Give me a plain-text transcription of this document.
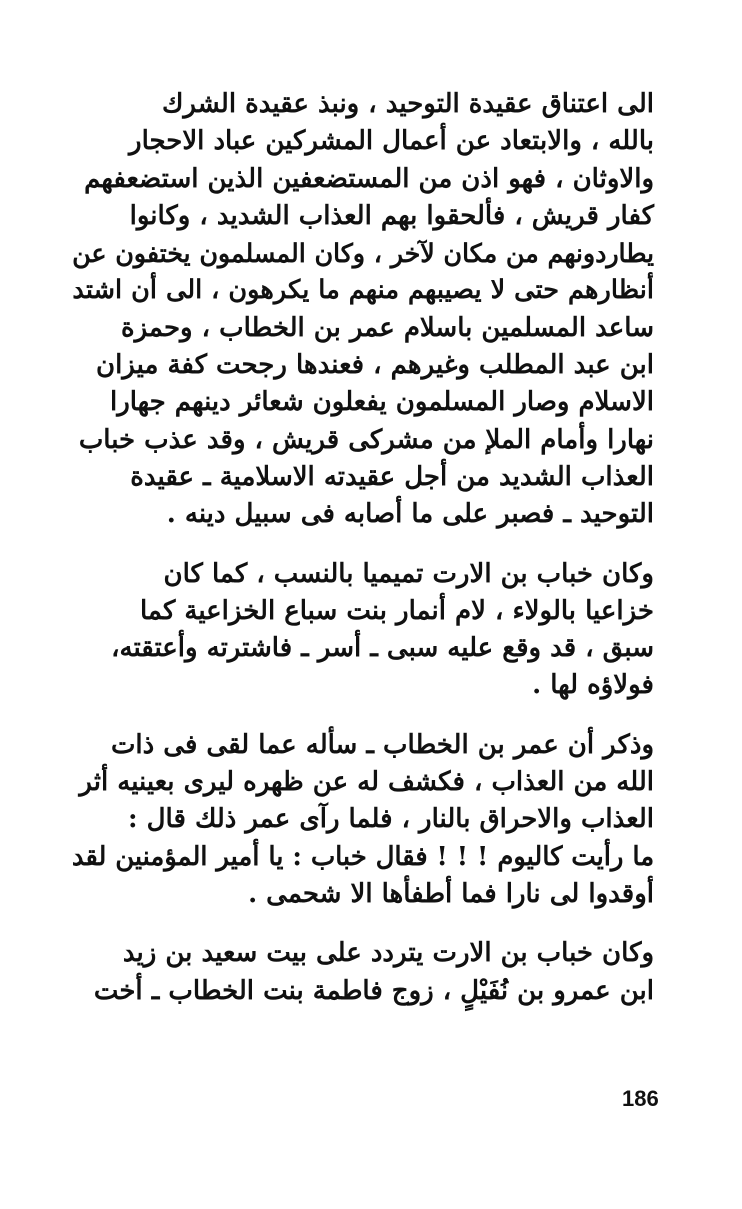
الى اعتناق عقيدة التوحيد ، ونبذ عقيدة الشرك
بالله ، والابتعاد عن أعمال المشركين عباد الاحجار
والاوثان ، فهو اذن من المستضعفين الذين استضعفهم
كفار قريش ، فألحقوا بهم العذاب الشديد ، وكانوا
يطاردونهم من مكان لآخر ، وكان المسلمون يختفون عن
أنظارهم حتى لا يصيبهم منهم ما يكرهون ، الى أن اشتد
ساعد المسلمين باسلام عمر بن الخطاب ، وحمزة
ابن عبد المطلب وغيرهم ، فعندها رجحت كفة ميزان
الاسلام وصار المسلمون يفعلون شعائر دينهم جهارا
نهارا وأمام الملإ من مشركى قريش ، وقد عذب خباب
العذاب الشديد من أجل عقيدته الاسلامية ـ عقيدة
التوحيد ـ فصبر على ما أصابه فى سبيل دينه .

وكان خباب بن الارت تميميا بالنسب ، كما كان
خزاعيا بالولاء ، لام أنمار بنت سباع الخزاعية كما
سبق ، قد وقع عليه سبى ـ أسر ـ فاشترته وأعتقته،
فولاؤه لها .

وذكر أن عمر بن الخطاب ـ سأله عما لقى فى ذات
الله من العذاب ، فكشف له عن ظهره ليرى بعينيه أثر
العذاب والاحراق بالنار ، فلما رآى عمر ذلك قال :
ما رأيت كاليوم ! ! ! فقال خباب : يا أمير المؤمنين لقد
أوقدوا لى نارا فما أطفأها الا شحمى .

وكان خباب بن الارت يتردد على بيت سعيد بن زيد
ابن عمرو بن نُفَيْلٍ ، زوج فاطمة بنت الخطاب ـ أخت

186
